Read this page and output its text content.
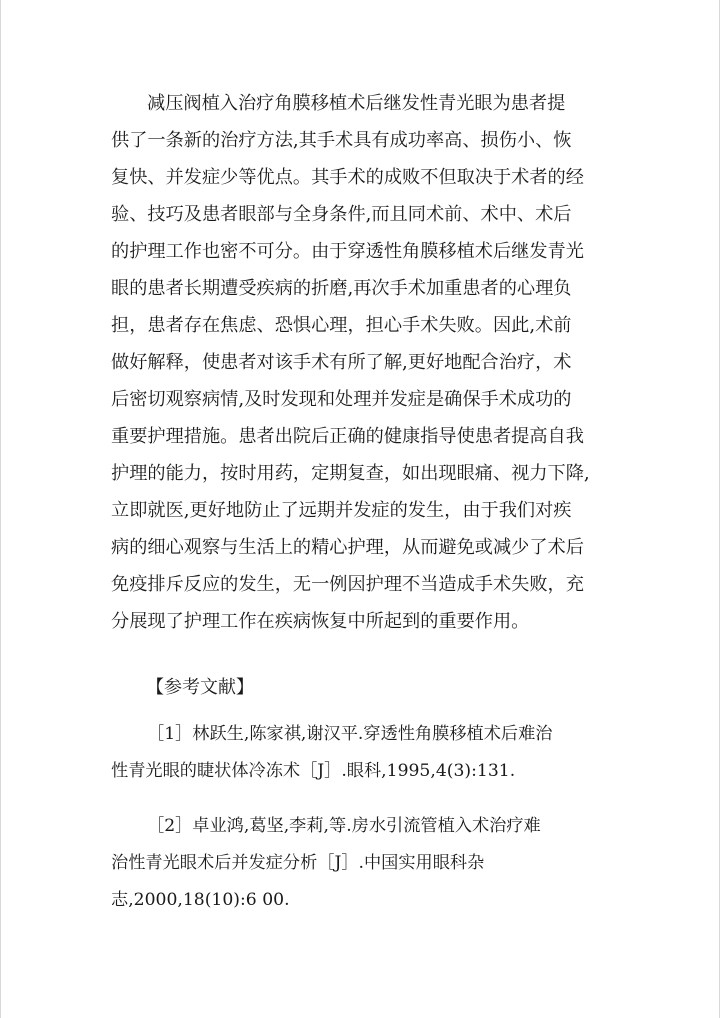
减压阀植入治疗角膜移植术后继发性青光眼为患者提
供了一条新的治疗方法,其手术具有成功率高、损伤小、恢
复快、并发症少等优点。其手术的成败不但取决于术者的经
验、技巧及患者眼部与全身条件,而且同术前、术中、术后
的护理工作也密不可分。由于穿透性角膜移植术后继发青光
眼的患者长期遭受疾病的折磨,再次手术加重患者的心理负
担，患者存在焦虑、恐惧心理，担心手术失败。因此,术前
做好解释，使患者对该手术有所了解,更好地配合治疗，术
后密切观察病情,及时发现和处理并发症是确保手术成功的
重要护理措施。患者出院后正确的健康指导使患者提高自我
护理的能力，按时用药，定期复查，如出现眼痛、视力下降,
立即就医,更好地防止了远期并发症的发生，由于我们对疾
病的细心观察与生活上的精心护理，从而避免或减少了术后
免疫排斥反应的发生，无一例因护理不当造成手术失败，充
分展现了护理工作在疾病恢复中所起到的重要作用。
【参考文献】
［1］林跃生,陈家祺,谢汉平.穿透性角膜移植术后难治
性青光眼的睫状体冷冻术［J］.眼科,1995,4(3):131.
［2］卓业鸿,葛坚,李莉,等.房水引流管植入术治疗难
治性青光眼术后并发症分析［J］.中国实用眼科杂
志,2000,18(10):6 00.
